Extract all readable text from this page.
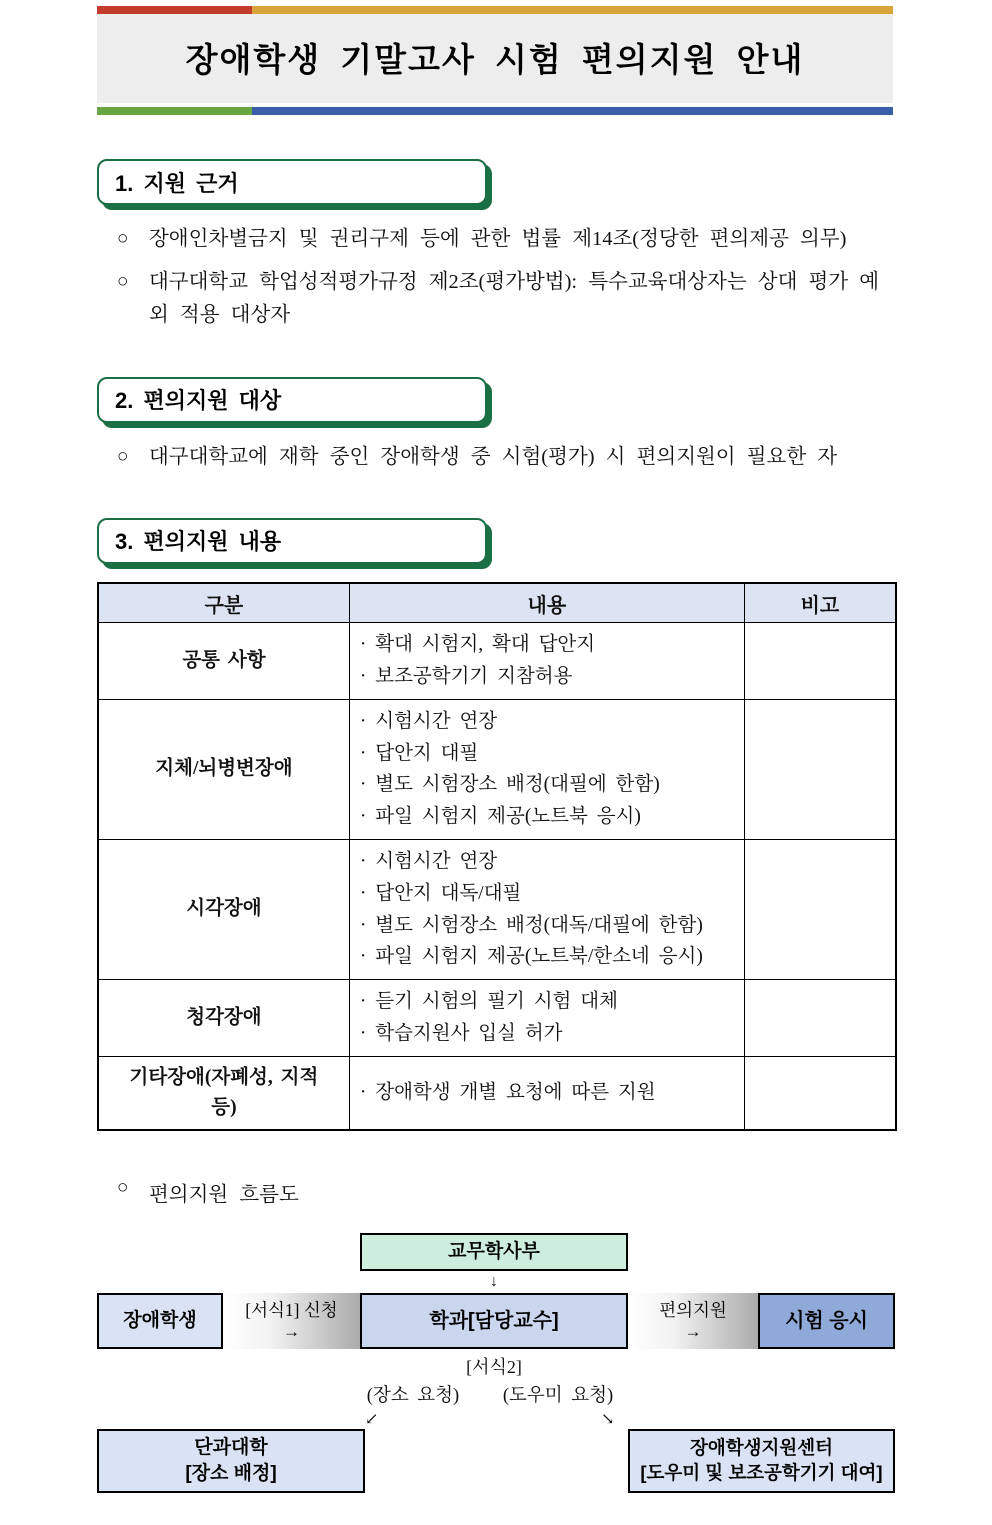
장애학생 기말고사 시험 편의지원 안내
1. 지원 근거
○	장애인차별금지 및 권리구제 등에 관한 법률 제14조(정당한 편의제공 의무)
○	대구대학교 학업성적평가규정 제2조(평가방법): 특수교육대상자는 상대 평가 예외 적용 대상자
2. 편의지원 대상
○	대구대학교에 재학 중인 장애학생 중 시험(평가) 시 편의지원이 필요한 자
3. 편의지원 내용
구분	내용	비고
공통 사항	· 확대 시험지, 확대 답안지
· 보조공학기기 지참허용	

지체/뇌병변장애	· 시험시간 연장
· 답안지 대필
· 별도 시험장소 배정(대필에 한함)
· 파일 시험지 제공(노트북 응시)	

시각장애	· 시험시간 연장
· 답안지 대독/대필
· 별도 시험장소 배정(대독/대필에 한함)
· 파일 시험지 제공(노트북/한소네 응시)	

청각장애	· 듣기 시험의 필기 시험 대체
· 학습지원사 입실 허가	

기타장애(자폐성, 지적 등)	· 장애학생 개별 요청에 따른 지원	

○	편의지원 흐름도
교무학사부
↓
장애학생
[서식1] 신청
→
학과[담당교수]	편의지원
→
시험 응시
[서식2]
(장소 요청)	(도우미 요청)
↙	↘
단과대학
[장소 배정]
장애학생지원센터
[도우미 및 보조공학기기 대여]
